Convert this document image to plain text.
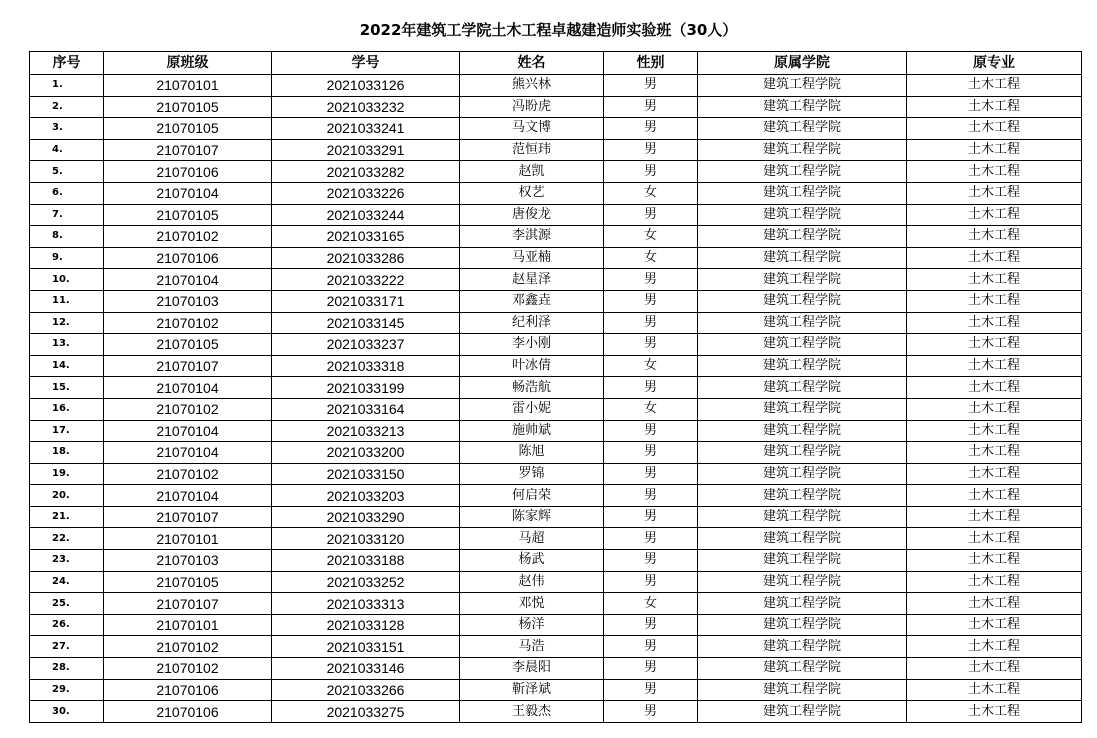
2022年建筑工学院土木工程卓越建造师实验班（30人）
序号	原班级	学号	姓名	性别	原属学院	原专业
1.	21070101	2021033126	熊兴林	男	建筑工程学院	土木工程
2.	21070105	2021033232	冯盼虎	男	建筑工程学院	土木工程
3.	21070105	2021033241	马文博	男	建筑工程学院	土木工程
4.	21070107	2021033291	范恒玮	男	建筑工程学院	土木工程
5.	21070106	2021033282	赵凯	男	建筑工程学院	土木工程
6.	21070104	2021033226	权艺	女	建筑工程学院	土木工程
7.	21070105	2021033244	唐俊龙	男	建筑工程学院	土木工程
8.	21070102	2021033165	李淇源	女	建筑工程学院	土木工程
9.	21070106	2021033286	马亚楠	女	建筑工程学院	土木工程
10.	21070104	2021033222	赵星泽	男	建筑工程学院	土木工程
11.	21070103	2021033171	邓鑫垚	男	建筑工程学院	土木工程
12.	21070102	2021033145	纪利泽	男	建筑工程学院	土木工程
13.	21070105	2021033237	李小刚	男	建筑工程学院	土木工程
14.	21070107	2021033318	叶冰倩	女	建筑工程学院	土木工程
15.	21070104	2021033199	畅浩航	男	建筑工程学院	土木工程
16.	21070102	2021033164	雷小妮	女	建筑工程学院	土木工程
17.	21070104	2021033213	施帅斌	男	建筑工程学院	土木工程
18.	21070104	2021033200	陈旭	男	建筑工程学院	土木工程
19.	21070102	2021033150	罗锦	男	建筑工程学院	土木工程
20.	21070104	2021033203	何启荣	男	建筑工程学院	土木工程
21.	21070107	2021033290	陈家辉	男	建筑工程学院	土木工程
22.	21070101	2021033120	马超	男	建筑工程学院	土木工程
23.	21070103	2021033188	杨武	男	建筑工程学院	土木工程
24.	21070105	2021033252	赵伟	男	建筑工程学院	土木工程
25.	21070107	2021033313	邓悦	女	建筑工程学院	土木工程
26.	21070101	2021033128	杨洋	男	建筑工程学院	土木工程
27.	21070102	2021033151	马浩	男	建筑工程学院	土木工程
28.	21070102	2021033146	李晨阳	男	建筑工程学院	土木工程
29.	21070106	2021033266	靳泽斌	男	建筑工程学院	土木工程
30.	21070106	2021033275	王毅杰	男	建筑工程学院	土木工程
